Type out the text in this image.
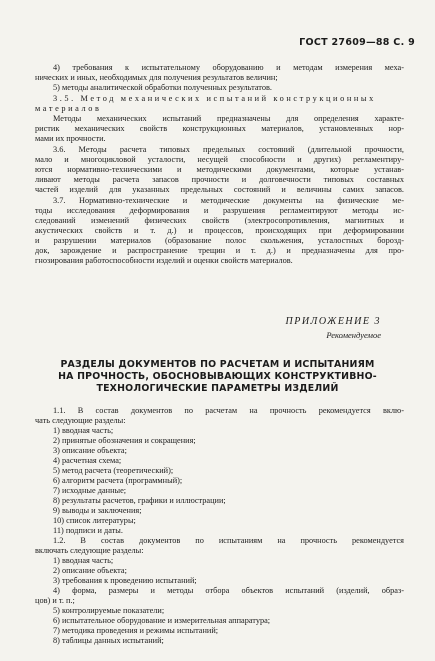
ГОСТ 27609—88 С. 9
4) требования к испытательному оборудованию и методам измерения меха-
нических и иных, необходимых для получения результатов величин;
5) методы аналитической обработки полученных результатов.
3.5. Метод механических испытаний конструкционных
материалов
Методы механических испытаний предназначены для определения характе-
ристик механических свойств конструкционных материалов, установленных нор-
мами их прочности.
3.6. Методы расчета типовых предельных состояний (длительной прочности,
мало и многоцикловой усталости, несущей способности и других) регламентиру-
ются нормативно-техническими и методическими документами, которые устанав-
ливают методы расчета запасов прочности и долговечности типовых составных
частей изделий для указанных предельных состояний и величины самих запасов.
3.7. Нормативно-технические и методические документы на физические ме-
тоды исследования деформирования и разрушения регламентируют методы ис-
следований изменений физических свойств (электросопротивления, магнитных и
акустических свойств и т. д.) и процессов, происходящих при деформировании
и разрушении материалов (образование полос скольжения, усталостных борозд-
док, зарождение и распространение трещин и т. д.) и предназначены для про-
гнозирования работоспособности изделий и оценки свойств материалов.
ПРИЛОЖЕНИЕ 3
Рекомендуемое
РАЗДЕЛЫ ДОКУМЕНТОВ ПО РАСЧЕТАМ И ИСПЫТАНИЯМ
НА ПРОЧНОСТЬ, ОБОСНОВЫВАЮЩИХ КОНСТРУКТИВНО-
ТЕХНОЛОГИЧЕСКИЕ ПАРАМЕТРЫ ИЗДЕЛИЙ
1.1. В состав документов по расчетам на прочность рекомендуется вклю-
чать следующие разделы:
1) вводная часть;
2) принятые обозначения и сокращения;
3) описание объекта;
4) расчетная схема;
5) метод расчета (теоретический);
6) алгоритм расчета (программный);
7) исходные данные;
8) результаты расчетов, графики и иллюстрации;
9) выводы и заключения;
10) список литературы;
11) подписи и даты.
1.2. В состав документов по испытаниям на прочность рекомендуется
включать следующие разделы:
1) вводная часть;
2) описание объекта;
3) требования к проведению испытаний;
4) форма, размеры и методы отбора объектов испытаний (изделий, образ-
цов) и т. п.;
5) контролируемые показатели;
6) испытательное оборудование и измерительная аппаратура;
7) методика проведения и режимы испытаний;
8) таблицы данных испытаний;
